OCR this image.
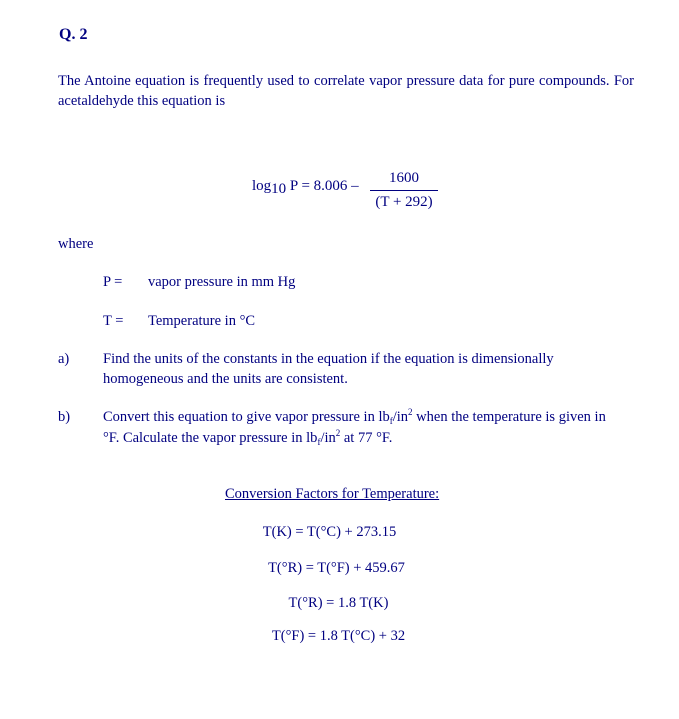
Q. 2
The Antoine equation is frequently used to correlate vapor pressure data for pure compounds. For acetaldehyde this equation is
log10 $P = 8.006 - \frac{1600}{(T + 292)}$
where
P = vapor pressure in mm Hg
T = Temperature in °C
a) Find the units of the constants in the equation if the equation is dimensionally homogeneous and the units are consistent.
b) Convert this equation to give vapor pressure in $lb_f/in^2$ when the temperature is given in °F. Calculate the vapor pressure in $lb_f/in^2$ at 77 °F.
Conversion Factors for Temperature:
T(K) = T(°C) + 273.15
T(°R) = T(°F) + 459.67
T(°R) = 1.8 T(K)
T(°F) = 1.8 T(°C) + 32
